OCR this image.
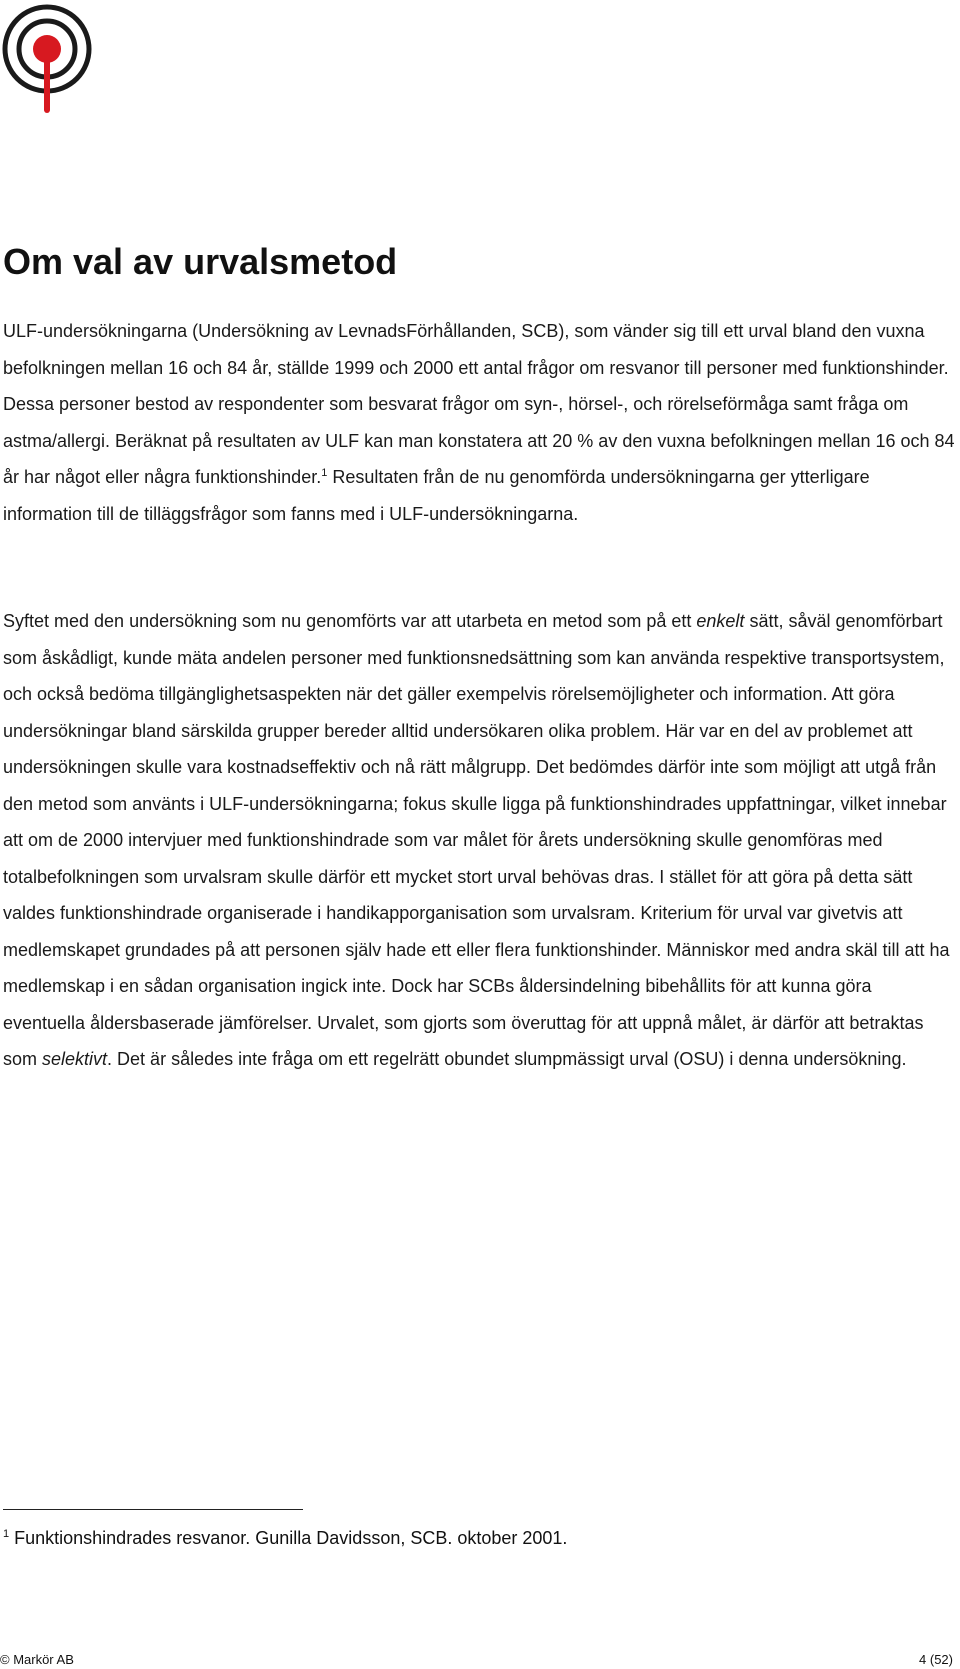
Om val av urvalsmetod

ULF-undersökningarna (Undersökning av LevnadsFörhållanden, SCB), som vänder sig till ett urval bland den vuxna befolkningen mellan 16 och 84 år, ställde 1999 och 2000 ett antal frågor om resvanor till personer med funktionshinder. Dessa personer bestod av respondenter som besvarat frågor om syn-, hörsel-, och rörelseförmåga samt fråga om astma/allergi. Beräknat på resultaten av ULF kan man konstatera att 20 % av den vuxna befolkningen mellan 16 och 84 år har något eller några funktionshinder.$^1$ Resultaten från de nu genomförda undersökningarna ger ytterligare information till de tilläggsfrågor som fanns med i ULF-undersökningarna.

Syftet med den undersökning som nu genomförts var att utarbeta en metod som på ett enkelt sätt, såväl genomförbart som åskådligt, kunde mäta andelen personer med funktionsnedsättning som kan använda respektive transportsystem, och också bedöma tillgänglighetsaspekten när det gäller exempelvis rörelsemöjligheter och information. Att göra undersökningar bland särskilda grupper bereder alltid undersökaren olika problem. Här var en del av problemet att undersökningen skulle vara kostnadseffektiv och nå rätt målgrupp. Det bedömdes därför inte som möjligt att utgå från den metod som använts i ULF-undersökningarna; fokus skulle ligga på funktionshindrades uppfattningar, vilket innebar att om de 2000 intervjuer med funktionshindrade som var målet för årets undersökning skulle genomföras med totalbefolkningen som urvalsram skulle därför ett mycket stort urval behövas dras. I stället för att göra på detta sätt valdes funktionshindrade organiserade i handikapporganisation som urvalsram. Kriterium för urval var givetvis att medlemskapet grundades på att personen själv hade ett eller flera funktionshinder. Människor med andra skäl till att ha medlemskap i en sådan organisation ingick inte. Dock har SCBs åldersindelning bibehållits för att kunna göra eventuella åldersbaserade jämförelser. Urvalet, som gjorts som överuttag för att uppnå målet, är därför att betraktas som selektivt. Det är således inte fråga om ett regelrätt obundet slumpmässigt urval (OSU) i denna undersökning.

$^1$ Funktionshindrades resvanor. Gunilla Davidsson, SCB. oktober 2001.

© Markör AB	4 (52)
